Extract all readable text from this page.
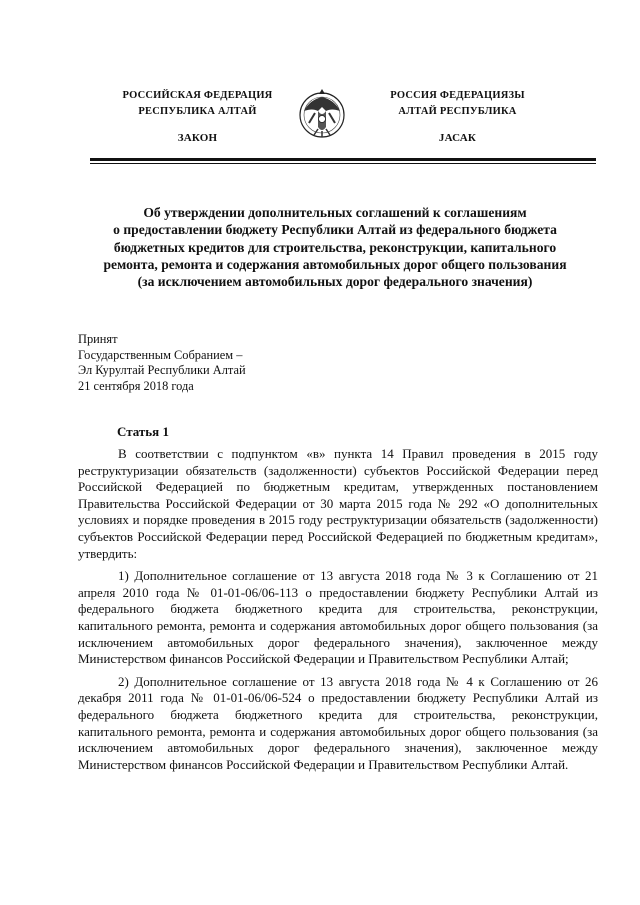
РОССИЙСКАЯ ФЕДЕРАЦИЯ
РЕСПУБЛИКА АЛТАЙ
ЗАКОН
РОССИЯ ФЕДЕРАЦИЯЗЫ
АЛТАЙ РЕСПУБЛИКА
JАСАК
Об утверждении дополнительных соглашений к соглашениям
о предоставлении бюджету Республики Алтай из федерального бюджета
бюджетных кредитов для строительства, реконструкции, капитального
ремонта, ремонта и содержания автомобильных дорог общего пользования
(за исключением автомобильных дорог федерального значения)
Принят
Государственным Собранием –
Эл Курултай Республики Алтай
21 сентября 2018 года
Статья 1

В соответствии с подпунктом «в» пункта 14 Правил проведения в 2015 году реструктуризации обязательств (задолженности) субъектов Российской Федерации перед Российской Федерацией по бюджетным кредитам, утвержденных постановлением Правительства Российской Федерации от 30 марта 2015 года № 292 «О дополнительных условиях и порядке проведения в 2015 году реструктуризации обязательств (задолженности) субъектов Российской Федерации перед Российской Федерацией по бюджетным кредитам», утвердить:

1) Дополнительное соглашение от 13 августа 2018 года № 3 к Соглашению от 21 апреля 2010 года № 01-01-06/06-113 о предоставлении бюджету Республики Алтай из федерального бюджета бюджетного кредита для строительства, реконструкции, капитального ремонта, ремонта и содержания автомобильных дорог общего пользования (за исключением автомобильных дорог федерального значения), заключенное между Министерством финансов Российской Федерации и Правительством Республики Алтай;

2) Дополнительное соглашение от 13 августа 2018 года № 4 к Соглашению от 26 декабря 2011 года № 01-01-06/06-524 о предоставлении бюджету Республики Алтай из федерального бюджета бюджетного кредита для строительства, реконструкции, капитального ремонта, ремонта и содержания автомобильных дорог общего пользования (за исключением автомобильных дорог федерального значения), заключенное между Министерством финансов Российской Федерации и Правительством Республики Алтай.
